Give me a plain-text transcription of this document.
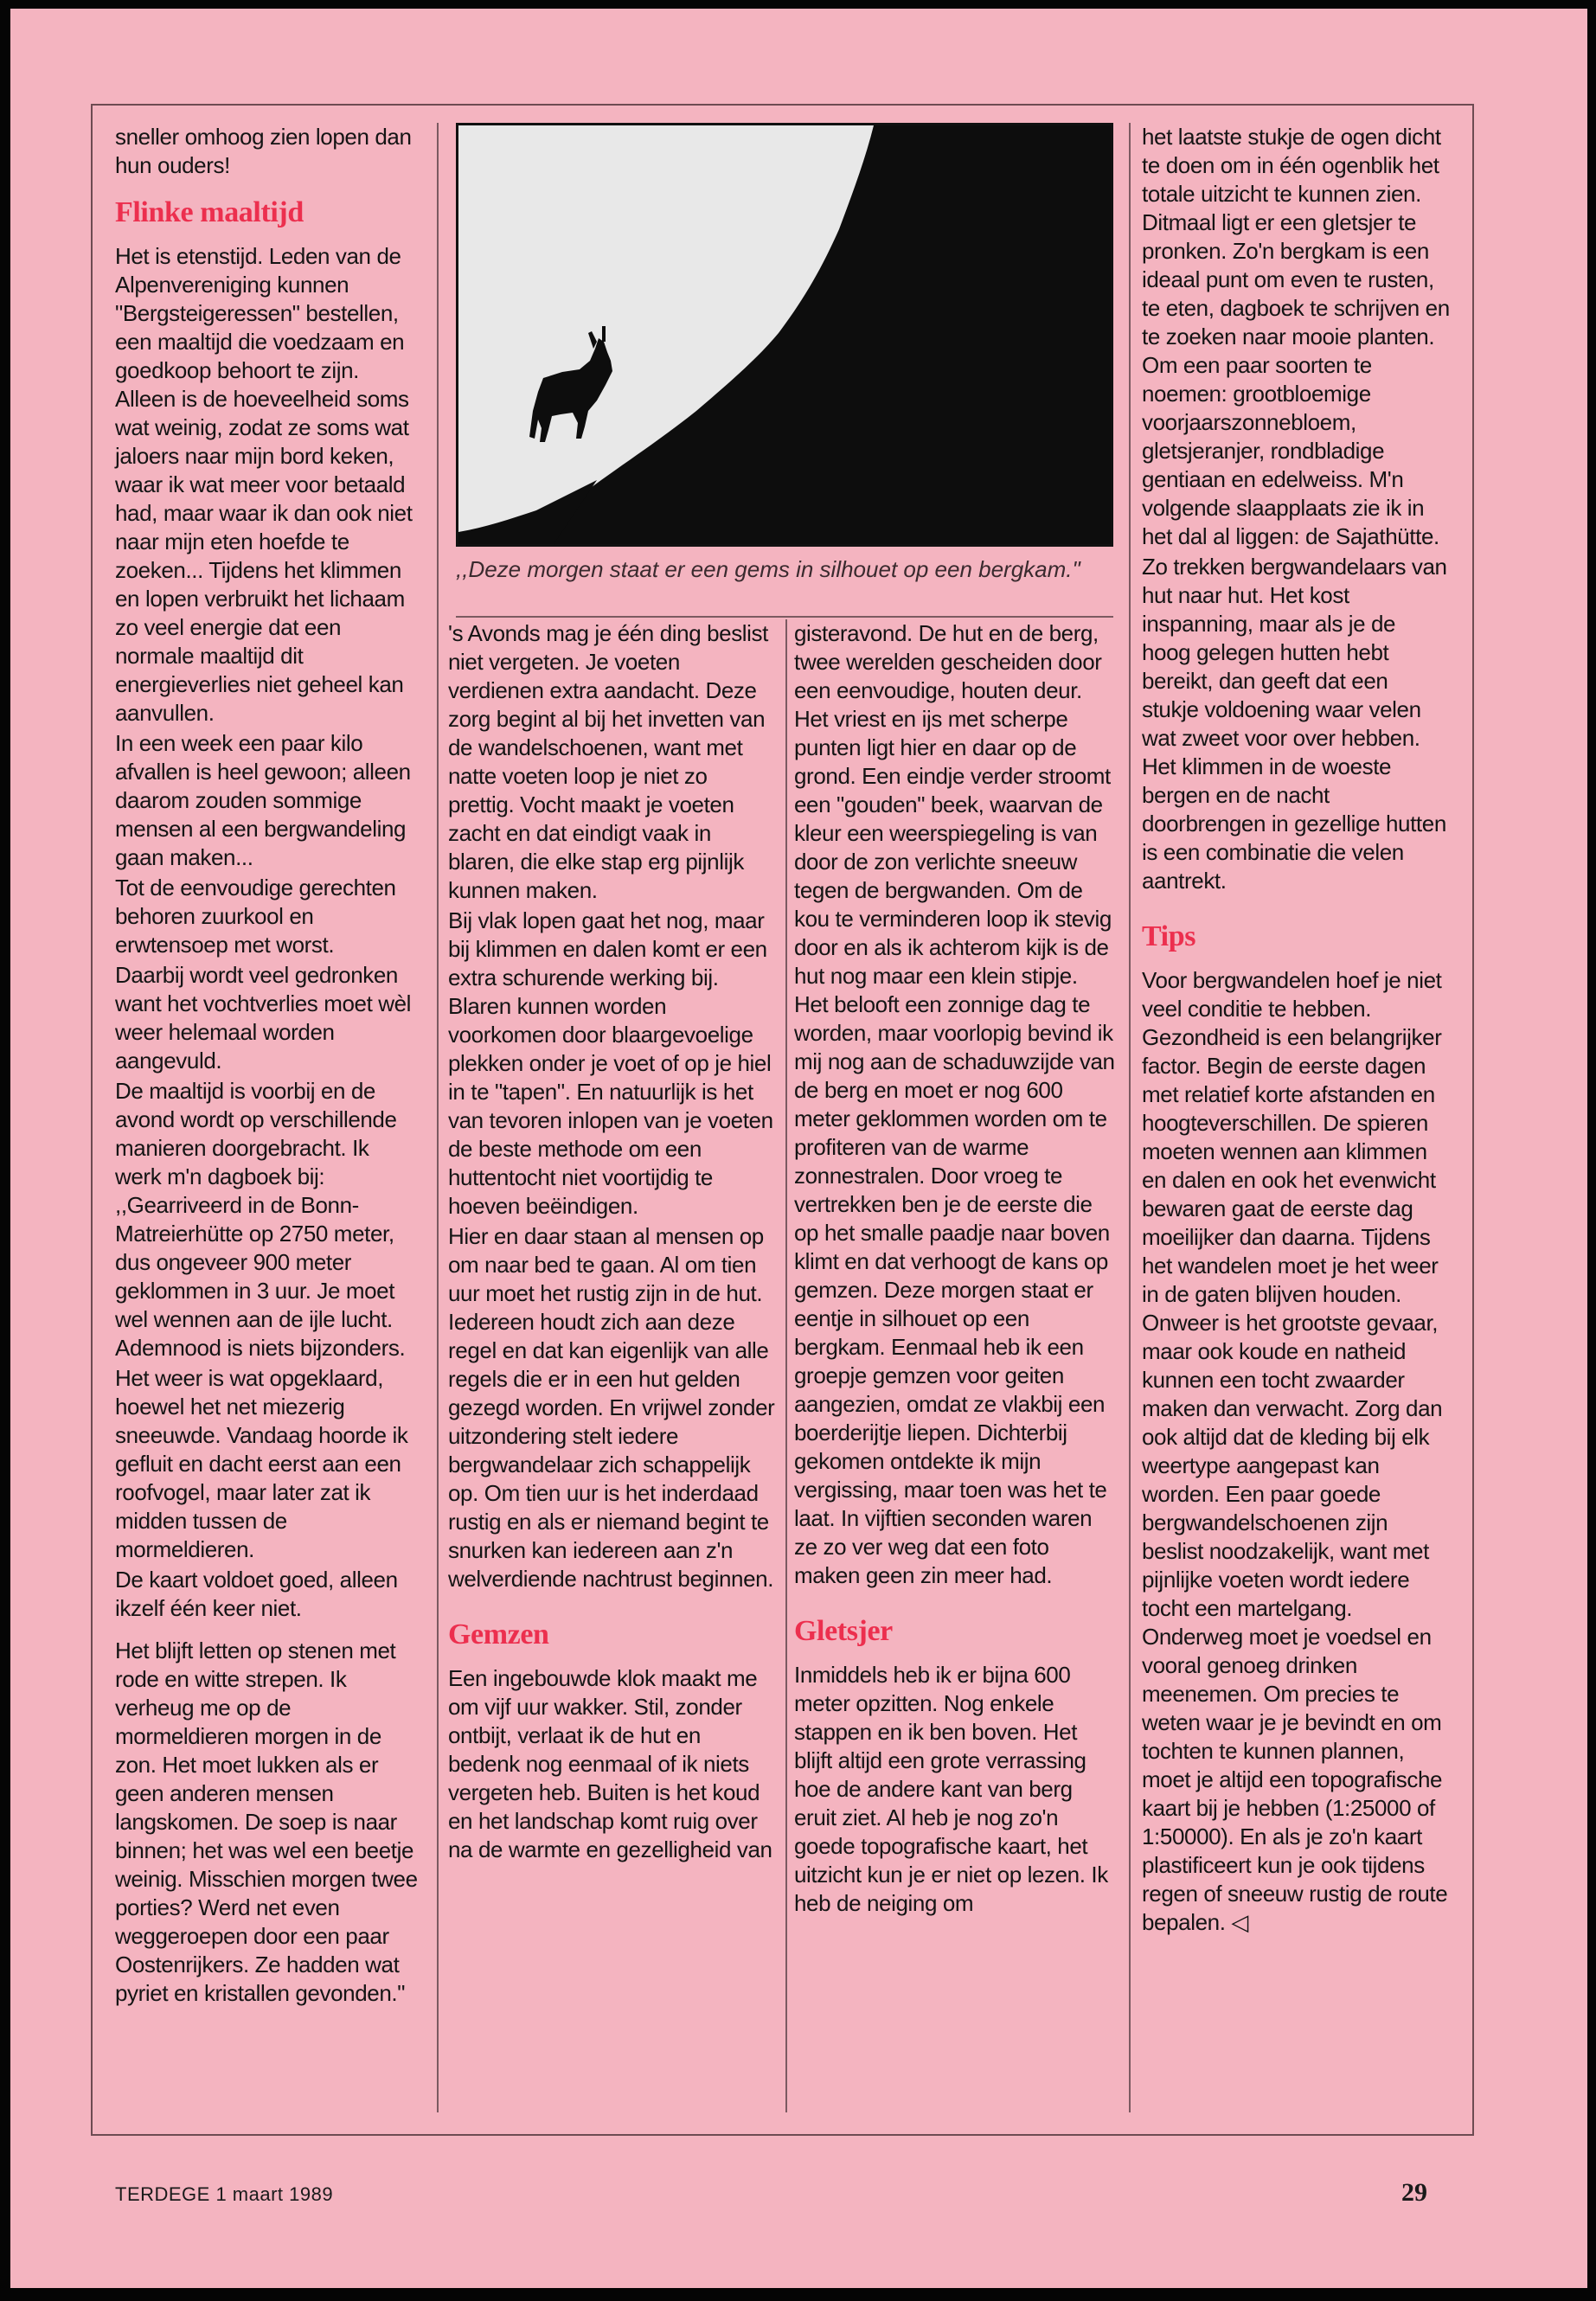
sneller omhoog zien lopen dan hun ouders!

Flinke maaltijd

Het is etenstijd. Leden van de Alpenvereniging kunnen "Bergsteigeressen" bestellen, een maaltijd die voedzaam en goedkoop behoort te zijn. Alleen is de hoeveelheid soms wat weinig, zodat ze soms wat jaloers naar mijn bord keken, waar ik wat meer voor betaald had, maar waar ik dan ook niet naar mijn eten hoefde te zoeken... Tijdens het klimmen en lopen verbruikt het lichaam zo veel energie dat een normale maaltijd dit energieverlies niet geheel kan aanvullen.

In een week een paar kilo afvallen is heel gewoon; alleen daarom zouden sommige mensen al een bergwandeling gaan maken...

Tot de eenvoudige gerechten behoren zuurkool en erwtensoep met worst.

Daarbij wordt veel gedronken want het vochtverlies moet wèl weer helemaal worden aangevuld.

De maaltijd is voorbij en de avond wordt op verschillende manieren doorgebracht. Ik werk m'n dagboek bij: ,,Gearriveerd in de Bonn-Matreierhütte op 2750 meter, dus ongeveer 900 meter geklommen in 3 uur. Je moet wel wennen aan de ijle lucht. Ademnood is niets bijzonders.

Het weer is wat opgeklaard, hoewel het net miezerig sneeuwde. Vandaag hoorde ik gefluit en dacht eerst aan een roofvogel, maar later zat ik midden tussen de mormeldieren.

De kaart voldoet goed, alleen ikzelf één keer niet.

Het blijft letten op stenen met rode en witte strepen. Ik verheug me op de mormeldieren morgen in de zon. Het moet lukken als er geen anderen mensen langskomen. De soep is naar binnen; het was wel een beetje weinig. Misschien morgen twee porties? Werd net even weggeroepen door een paar Oostenrijkers. Ze hadden wat pyriet en kristallen gevonden."

,,Deze morgen staat er een gems in silhouet op een bergkam."

's Avonds mag je één ding beslist niet vergeten. Je voeten verdienen extra aandacht. Deze zorg begint al bij het invetten van de wandelschoenen, want met natte voeten loop je niet zo prettig. Vocht maakt je voeten zacht en dat eindigt vaak in blaren, die elke stap erg pijnlijk kunnen maken.

Bij vlak lopen gaat het nog, maar bij klimmen en dalen komt er een extra schurende werking bij. Blaren kunnen worden voorkomen door blaargevoelige plekken onder je voet of op je hiel in te "tapen". En natuurlijk is het van tevoren inlopen van je voeten de beste methode om een huttentocht niet voortijdig te hoeven beëindigen.

Hier en daar staan al mensen op om naar bed te gaan. Al om tien uur moet het rustig zijn in de hut. Iedereen houdt zich aan deze regel en dat kan eigenlijk van alle regels die er in een hut gelden gezegd worden. En vrijwel zonder uitzondering stelt iedere bergwandelaar zich schappelijk op. Om tien uur is het inderdaad rustig en als er niemand begint te snurken kan iedereen aan z'n welverdiende nachtrust beginnen.

Gemzen

Een ingebouwde klok maakt me om vijf uur wakker. Stil, zonder ontbijt, verlaat ik de hut en bedenk nog eenmaal of ik niets vergeten heb. Buiten is het koud en het landschap komt ruig over na de warmte en gezelligheid van

gisteravond. De hut en de berg, twee werelden gescheiden door een eenvoudige, houten deur. Het vriest en ijs met scherpe punten ligt hier en daar op de grond. Een eindje verder stroomt een "gouden" beek, waarvan de kleur een weerspiegeling is van door de zon verlichte sneeuw tegen de bergwanden. Om de kou te verminderen loop ik stevig door en als ik achterom kijk is de hut nog maar een klein stipje. Het belooft een zonnige dag te worden, maar voorlopig bevind ik mij nog aan de schaduwzijde van de berg en moet er nog 600 meter geklommen worden om te profiteren van de warme zonnestralen. Door vroeg te vertrekken ben je de eerste die op het smalle paadje naar boven klimt en dat verhoogt de kans op gemzen. Deze morgen staat er eentje in silhouet op een bergkam. Eenmaal heb ik een groepje gemzen voor geiten aangezien, omdat ze vlakbij een boerderijtje liepen. Dichterbij gekomen ontdekte ik mijn vergissing, maar toen was het te laat. In vijftien seconden waren ze zo ver weg dat een foto maken geen zin meer had.

Gletsjer

Inmiddels heb ik er bijna 600 meter opzitten. Nog enkele stappen en ik ben boven. Het blijft altijd een grote verrassing hoe de andere kant van berg eruit ziet. Al heb je nog zo'n goede topografische kaart, het uitzicht kun je er niet op lezen. Ik heb de neiging om

het laatste stukje de ogen dicht te doen om in één ogenblik het totale uitzicht te kunnen zien. Ditmaal ligt er een gletsjer te pronken. Zo'n bergkam is een ideaal punt om even te rusten, te eten, dagboek te schrijven en te zoeken naar mooie planten. Om een paar soorten te noemen: grootbloemige voorjaarszonnebloem, gletsjeranjer, rondbladige gentiaan en edelweiss. M'n volgende slaapplaats zie ik in het dal al liggen: de Sajathütte.

Zo trekken bergwandelaars van hut naar hut. Het kost inspanning, maar als je de hoog gelegen hutten hebt bereikt, dan geeft dat een stukje voldoening waar velen wat zweet voor over hebben. Het klimmen in de woeste bergen en de nacht doorbrengen in gezellige hutten is een combinatie die velen aantrekt.

Tips

Voor bergwandelen hoef je niet veel conditie te hebben. Gezondheid is een belangrijker factor. Begin de eerste dagen met relatief korte afstanden en hoogteverschillen. De spieren moeten wennen aan klimmen en dalen en ook het evenwicht bewaren gaat de eerste dag moeilijker dan daarna. Tijdens het wandelen moet je het weer in de gaten blijven houden. Onweer is het grootste gevaar, maar ook koude en natheid kunnen een tocht zwaarder maken dan verwacht. Zorg dan ook altijd dat de kleding bij elk weertype aangepast kan worden. Een paar goede bergwandelschoenen zijn beslist noodzakelijk, want met pijnlijke voeten wordt iedere tocht een martelgang. Onderweg moet je voedsel en vooral genoeg drinken meenemen. Om precies te weten waar je je bevindt en om tochten te kunnen plannen, moet je altijd een topografische kaart bij je hebben (1:25000 of 1:50000). En als je zo'n kaart plastificeert kun je ook tijdens regen of sneeuw rustig de route bepalen. ◁

TERDEGE 1 maart 1989	29
